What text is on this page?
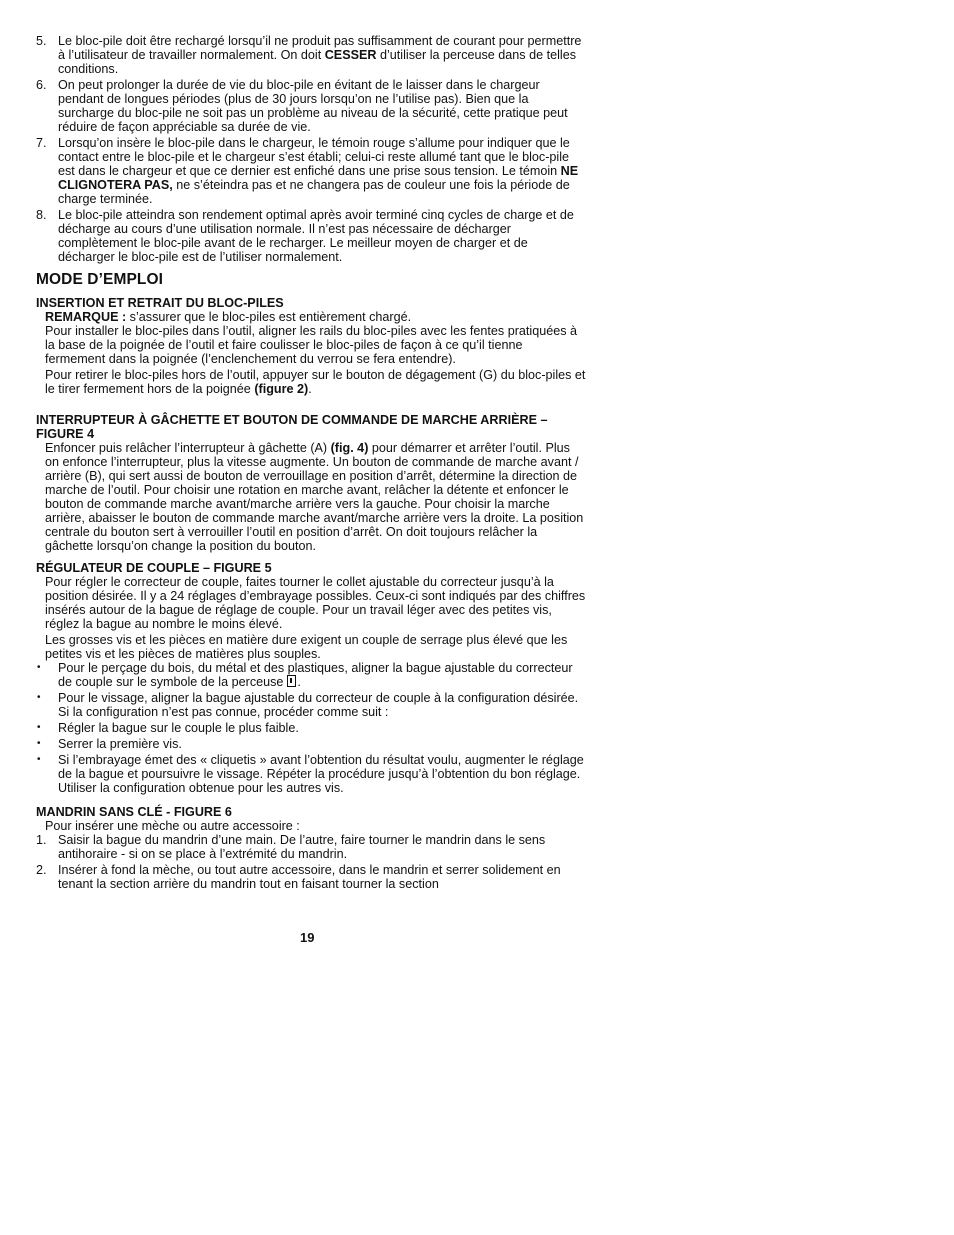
5. Le bloc-pile doit être rechargé lorsqu’il ne produit pas suffisamment de courant pour permettre à l’utilisateur de travailler normalement. On doit CESSER d’utiliser la perceuse dans de telles conditions.
6. On peut prolonger la durée de vie du bloc-pile en évitant de le laisser dans le chargeur pendant de longues périodes (plus de 30 jours lorsqu’on ne l’utilise pas). Bien que la surcharge du bloc-pile ne soit pas un problème au niveau de la sécurité, cette pratique peut réduire de façon appréciable sa durée de vie.
7. Lorsqu’on insère le bloc-pile dans le chargeur, le témoin rouge s’allume pour indiquer que le contact entre le bloc-pile et le chargeur s’est établi; celui-ci reste allumé tant que le bloc-pile est dans le chargeur et que ce dernier est enfiché dans une prise sous tension. Le témoin NE CLIGNOTERA PAS, ne s’éteindra pas et ne changera pas de couleur une fois la période de charge terminée.
8. Le bloc-pile atteindra son rendement optimal après avoir terminé cinq cycles de charge et de décharge au cours d’une utilisation normale. Il n’est pas nécessaire de décharger complètement le bloc-pile avant de le recharger. Le meilleur moyen de charger et de décharger le bloc-pile est de l’utiliser normalement.
MODE D’EMPLOI
INSERTION ET RETRAIT DU BLOC-PILES

REMARQUE : s’assurer que le bloc-piles est entièrement chargé.

Pour installer le bloc-piles dans l’outil, aligner les rails du bloc-piles avec les fentes pratiquées à la base de la poignée de l’outil et faire coulisser le bloc-piles de façon à ce qu’il tienne fermement dans la poignée (l’enclenchement du verrou se fera entendre).

Pour retirer le bloc-piles hors de l’outil, appuyer sur le bouton de dégagement (G) du bloc-piles et le tirer fermement hors de la poignée (figure 2).

INTERRUPTEUR À GÂCHETTE ET BOUTON DE COMMANDE DE MARCHE ARRIÈRE – FIGURE 4

Enfoncer puis relâcher l’interrupteur à gâchette (A) (fig. 4) pour démarrer et arrêter l’outil. Plus on enfonce l’interrupteur, plus la vitesse augmente. Un bouton de commande de marche avant / arrière (B), qui sert aussi de bouton de verrouillage en position d’arrêt, détermine la direction de marche de l’outil. Pour choisir une rotation en marche avant, relâcher la détente et enfoncer le bouton de commande marche avant/marche arrière vers la gauche. Pour choisir la marche arrière, abaisser le bouton de commande marche avant/marche arrière vers la droite. La position centrale du bouton sert à verrouiller l’outil en position d’arrêt. On doit toujours relâcher la gâchette lorsqu’on change la position du bouton.

RÉGULATEUR DE COUPLE – FIGURE 5

Pour régler le correcteur de couple, faites tourner le collet ajustable du correcteur jusqu’à la position désirée. Il y a 24 réglages d’embrayage possibles. Ceux-ci sont indiqués par des chiffres insérés autour de la bague de réglage de couple. Pour un travail léger avec des petites vis, réglez la bague au nombre le moins élevé.

Les grosses vis et les pièces en matière dure exigent un couple de serrage plus élevé que les petites vis et les pièces de matières plus souples.

• Pour le perçage du bois, du métal et des plastiques, aligner la bague ajustable du correcteur de couple sur le symbole de la perceuse .
• Pour le vissage, aligner la bague ajustable du correcteur de couple à la configuration désirée. Si la configuration n’est pas connue, procéder comme suit :
• Régler la bague sur le couple le plus faible.
• Serrer la première vis.
• Si l’embrayage émet des « cliquetis » avant l’obtention du résultat voulu, augmenter le réglage de la bague et poursuivre le vissage. Répéter la procédure jusqu’à l’obtention du bon réglage. Utiliser la configuration obtenue pour les autres vis.
MANDRIN SANS CLÉ - FIGURE 6

Pour insérer une mèche ou autre accessoire :

1. Saisir la bague du mandrin d’une main. De l’autre, faire tourner le mandrin dans le sens antihoraire - si on se place à l’extrémité du mandrin.
2. Insérer à fond la mèche, ou tout autre accessoire, dans le mandrin et serrer solidement en tenant la section arrière du mandrin tout en faisant tourner la section
19
